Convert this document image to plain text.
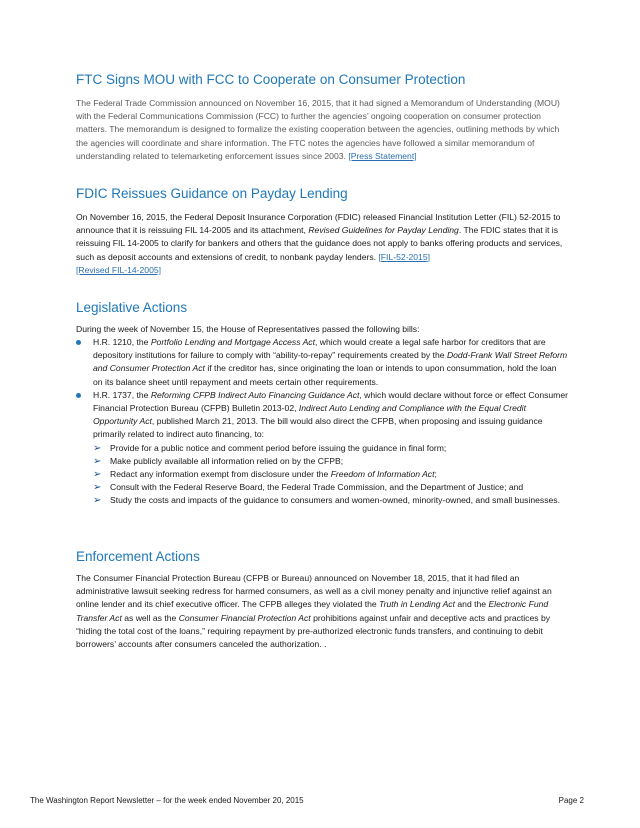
FTC Signs MOU with FCC to Cooperate on Consumer Protection

The Federal Trade Commission announced on November 16, 2015, that it had signed a Memorandum of Understanding (MOU) with the Federal Communications Commission (FCC) to further the agencies’ ongoing cooperation on consumer protection matters. The memorandum is designed to formalize the existing cooperation between the agencies, outlining methods by which the agencies will coordinate and share information. The FTC notes the agencies have followed a similar memorandum of understanding related to telemarketing enforcement issues since 2003. [Press Statement]

FDIC Reissues Guidance on Payday Lending

On November 16, 2015, the Federal Deposit Insurance Corporation (FDIC) released Financial Institution Letter (FIL) 52-2015 to announce that it is reissuing FIL 14-2005 and its attachment, Revised Guidelines for Payday Lending. The FDIC states that it is reissuing FIL 14-2005 to clarify for bankers and others that the guidance does not apply to banks offering products and services, such as deposit accounts and extensions of credit, to nonbank payday lenders. [FIL-52-2015]
[Revised FIL-14-2005]

Legislative Actions

During the week of November 15, the House of Representatives passed the following bills:

H.R. 1210, the Portfolio Lending and Mortgage Access Act, which would create a legal safe harbor for creditors that are depository institutions for failure to comply with “ability-to-repay” requirements created by the Dodd-Frank Wall Street Reform and Consumer Protection Act if the creditor has, since originating the loan or intends to upon consummation, hold the loan on its balance sheet until repayment and meets certain other requirements.
H.R. 1737, the Reforming CFPB Indirect Auto Financing Guidance Act, which would declare without force or effect Consumer Financial Protection Bureau (CFPB) Bulletin 2013-02, Indirect Auto Lending and Compliance with the Equal Credit Opportunity Act, published March 21, 2013. The bill would also direct the CFPB, when proposing and issuing guidance primarily related to indirect auto financing, to:
➢ Provide for a public notice and comment period before issuing the guidance in final form;
➢ Make publicly available all information relied on by the CFPB;
➢ Redact any information exempt from disclosure under the Freedom of Information Act;
➢ Consult with the Federal Reserve Board, the Federal Trade Commission, and the Department of Justice; and
➢ Study the costs and impacts of the guidance to consumers and women-owned, minority-owned, and small businesses.
Enforcement Actions

The Consumer Financial Protection Bureau (CFPB or Bureau) announced on November 18, 2015, that it had filed an administrative lawsuit seeking redress for harmed consumers, as well as a civil money penalty and injunctive relief against an online lender and its chief executive officer. The CFPB alleges they violated the Truth in Lending Act and the Electronic Fund Transfer Act as well as the Consumer Financial Protection Act prohibitions against unfair and deceptive acts and practices by “hiding the total cost of the loans,” requiring repayment by pre-authorized electronic funds transfers, and continuing to debit borrowers’ accounts after consumers canceled the authorization. .

The Washington Report Newsletter – for the week ended November 20, 2015	Page 2
